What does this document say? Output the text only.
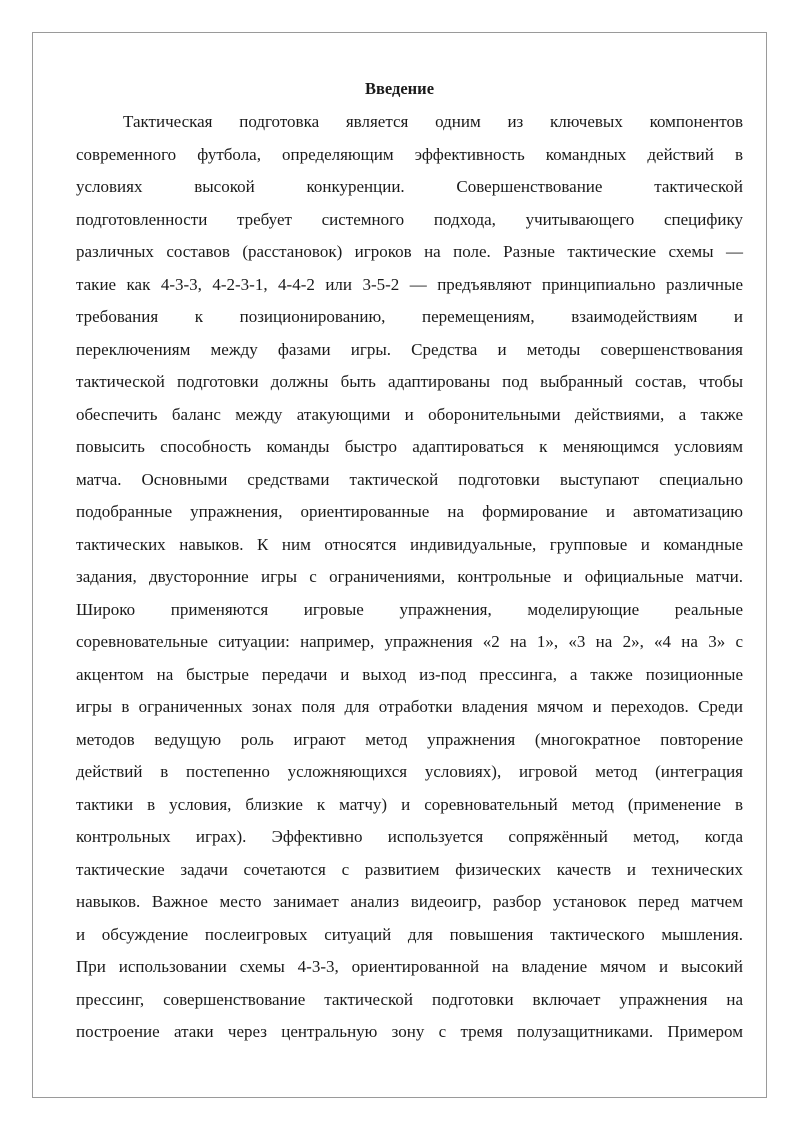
Введение
Тактическая подготовка является одним из ключевых компонентов
современного футбола, определяющим эффективность командных действий в
условиях высокой конкуренции. Совершенствование тактической
подготовленности требует системного подхода, учитывающего специфику
различных составов (расстановок) игроков на поле. Разные тактические схемы —
такие как 4-3-3, 4-2-3-1, 4-4-2 или 3-5-2 — предъявляют принципиально различные
требования к позиционированию, перемещениям, взаимодействиям и
переключениям между фазами игры. Средства и методы совершенствования
тактической подготовки должны быть адаптированы под выбранный состав, чтобы
обеспечить баланс между атакующими и оборонительными действиями, а также
повысить способность команды быстро адаптироваться к меняющимся условиям
матча. Основными средствами тактической подготовки выступают специально
подобранные упражнения, ориентированные на формирование и автоматизацию
тактических навыков. К ним относятся индивидуальные, групповые и командные
задания, двусторонние игры с ограничениями, контрольные и официальные матчи.
Широко применяются игровые упражнения, моделирующие реальные
соревновательные ситуации: например, упражнения «2 на 1», «3 на 2», «4 на 3» с
акцентом на быстрые передачи и выход из-под прессинга, а также позиционные
игры в ограниченных зонах поля для отработки владения мячом и переходов. Среди
методов ведущую роль играют метод упражнения (многократное повторение
действий в постепенно усложняющихся условиях), игровой метод (интеграция
тактики в условия, близкие к матчу) и соревновательный метод (применение в
контрольных играх). Эффективно используется сопряжённый метод, когда
тактические задачи сочетаются с развитием физических качеств и технических
навыков. Важное место занимает анализ видеоигр, разбор установок перед матчем
и обсуждение послеигровых ситуаций для повышения тактического мышления.
При использовании схемы 4-3-3, ориентированной на владение мячом и высокий
прессинг, совершенствование тактической подготовки включает упражнения на
построение атаки через центральную зону с тремя полузащитниками. Примером
